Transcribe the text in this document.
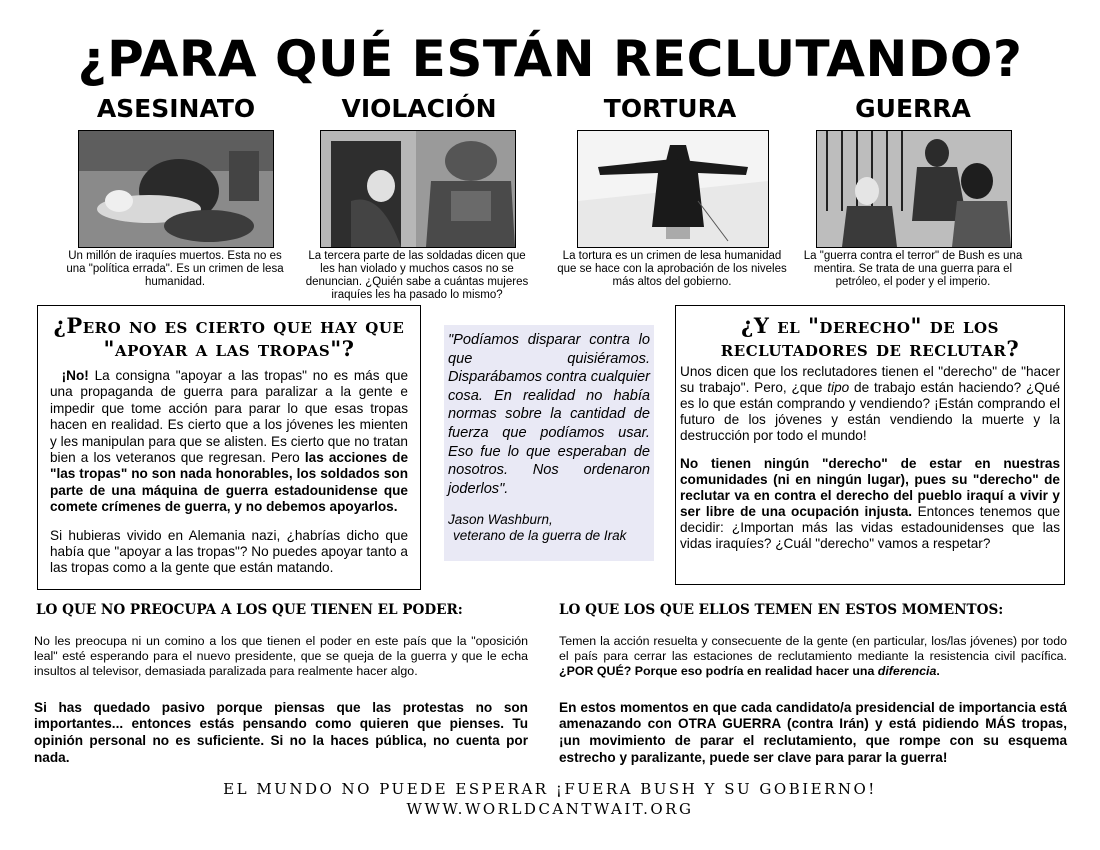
¿PARA QUÉ ESTÁN RECLUTANDO?
ASESINATO	VIOLACIÓN	TORTURA	GUERRA
Un millón de iraquíes muertos. Esta no es una "política errada". Es un crimen de lesa humanidad.
La tercera parte de las soldadas dicen que les han violado y muchos casos no se denuncian. ¿Quién sabe a cuántas mujeres iraquíes les ha pasado lo mismo?
La tortura es un crimen de lesa humanidad que se hace con la aprobación de los niveles más altos del gobierno.
La "guerra contra el terror" de Bush es una mentira. Se trata de una guerra para el petróleo, el poder y el imperio.
¿Pero no es cierto que hay que "apoyar a las tropas"?

¡No! La consigna "apoyar a las tropas" no es más que una propaganda de guerra para paralizar a la gente e impedir que tome acción para parar lo que esas tropas hacen en realidad. Es cierto que a los jóvenes les mienten y les manipulan para que se alisten. Es cierto que no tratan bien a los veteranos que regresan. Pero las acciones de "las tropas" no son nada honorables, los soldados son parte de una máquina de guerra estadounidense que comete crímenes de guerra, y no debemos apoyarlos.

Si hubieras vivido en Alemania nazi, ¿habrías dicho que había que "apoyar a las tropas"? No puedes apoyar tanto a las tropas como a la gente que están matando.

"Podíamos disparar contra lo que quisiéramos. Disparábamos contra cualquier cosa. En realidad no había normas sobre la cantidad de fuerza que podíamos usar. Eso fue lo que esperaban de nosotros. Nos ordenaron joderlos".

Jason Washburn,
veterano de la guerra de Irak
¿Y el "derecho" de los reclutadores de reclutar?

Unos dicen que los reclutadores tienen el "derecho" de "hacer su trabajo". Pero, ¿que tipo de trabajo están haciendo? ¿Qué es lo que están comprando y vendiendo? ¡Están comprando el futuro de los jóvenes y están vendiendo la muerte y la destrucción por todo el mundo!

No tienen ningún "derecho" de estar en nuestras comunidades (ni en ningún lugar), pues su "derecho" de reclutar va en contra el derecho del pueblo iraquí a vivir y ser libre de una ocupación injusta. Entonces tenemos que decidir: ¿Importan más las vidas estadounidenses que las vidas iraquíes? ¿Cuál "derecho" vamos a respetar?

LO QUE NO PREOCUPA A LOS QUE TIENEN EL PODER:	LO QUE LOS QUE ELLOS TEMEN EN ESTOS MOMENTOS:

No les preocupa ni un comino a los que tienen el poder en este país que la "oposición leal" esté esperando para el nuevo presidente, que se queja de la guerra y que le echa insultos al televisor, demasiada paralizada para realmente hacer algo.

Si has quedado pasivo porque piensas que las protestas no son importantes... entonces estás pensando como quieren que pienses. Tu opinión personal no es suficiente. Si no la haces pública, no cuenta por nada.

Temen la acción resuelta y consecuente de la gente (en particular, los/las jóvenes) por todo el país para cerrar las estaciones de reclutamiento mediante la resistencia civil pacífica. ¿POR QUÉ? Porque eso podría en realidad hacer una diferencia.

En estos momentos en que cada candidato/a presidencial de importancia está amenazando con OTRA GUERRA (contra Irán) y está pidiendo MÁS tropas, ¡un movimiento de parar el reclutamiento, que rompe con su esquema estrecho y paralizante, puede ser clave para parar la guerra!

EL MUNDO NO PUEDE ESPERAR ¡FUERA BUSH Y SU GOBIERNO!
WWW.WORLDCANTWAIT.ORG
